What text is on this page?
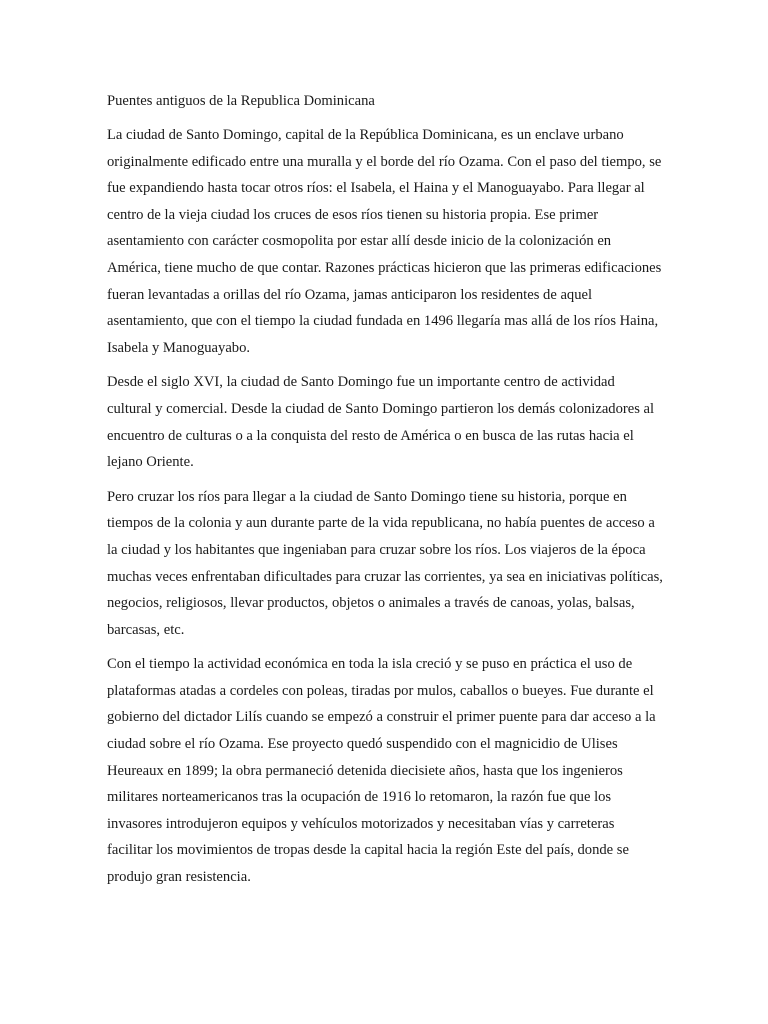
Puentes antiguos de la Republica Dominicana

La ciudad de Santo Domingo, capital de la República Dominicana, es un enclave urbano originalmente edificado entre una muralla y el borde del río Ozama. Con el paso del tiempo, se fue expandiendo hasta tocar otros ríos: el Isabela, el Haina y el Manoguayabo. Para llegar al centro de la vieja ciudad los cruces de esos ríos tienen su historia propia. Ese primer asentamiento con carácter cosmopolita por estar allí desde inicio de la colonización en América, tiene mucho de que contar. Razones prácticas hicieron que las primeras edificaciones fueran levantadas a orillas del río Ozama, jamas anticiparon los residentes de aquel asentamiento, que con el tiempo la ciudad fundada en 1496 llegaría mas allá de los ríos Haina, Isabela y Manoguayabo.

Desde el siglo XVI, la ciudad de Santo Domingo fue un importante centro de actividad cultural y comercial. Desde la ciudad de Santo Domingo partieron los demás colonizadores al encuentro de culturas o a la conquista del resto de América o en busca de las rutas hacia el lejano Oriente.

Pero cruzar los ríos para llegar a la ciudad de Santo Domingo tiene su historia, porque en tiempos de la colonia y aun durante parte de la vida republicana, no había puentes de acceso a la ciudad y los habitantes que ingeniaban para cruzar sobre los ríos. Los viajeros de la época muchas veces enfrentaban dificultades para cruzar las corrientes, ya sea en iniciativas políticas, negocios, religiosos, llevar productos, objetos o animales a través de canoas, yolas, balsas, barcasas, etc.

Con el tiempo la actividad económica en toda la isla creció y se puso en práctica el uso de plataformas atadas a cordeles con poleas, tiradas por mulos, caballos o bueyes. Fue durante el gobierno del dictador Lilís cuando se empezó a construir el primer puente para dar acceso a la ciudad sobre el río Ozama. Ese proyecto quedó suspendido con el magnicidio de Ulises Heureaux en 1899; la obra permaneció detenida diecisiete años, hasta que los ingenieros militares norteamericanos tras la ocupación de 1916 lo retomaron, la razón fue que los invasores introdujeron equipos y vehículos motorizados y necesitaban vías y carreteras facilitar los movimientos de tropas desde la capital hacia la región Este del país, donde se produjo gran resistencia.
